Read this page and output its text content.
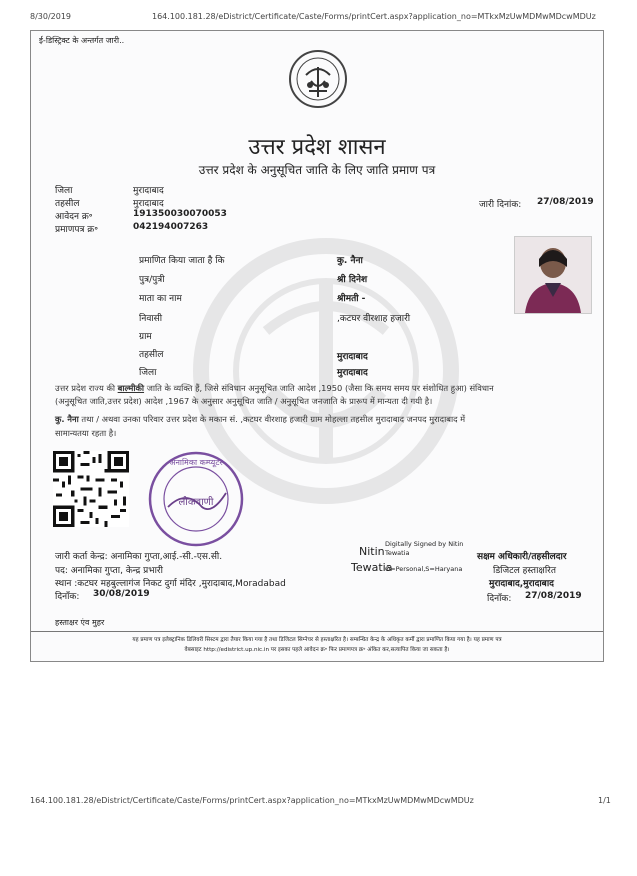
8/30/2019	164.100.181.28/eDistrict/Certificate/Caste/Forms/printCert.aspx?application_no=MTkxMzUwMDMwMDcwMDUz
ई-डिस्ट्रिक्ट के अन्तर्गत जारी..
उत्तर प्रदेश शासन
उत्तर प्रदेश के अनुसूचित जाति के लिए जाति प्रमाण पत्र
जिला	मुरादाबाद
तहसील	मुरादाबाद
आवेदन क्र॰	191350030070053
प्रमाणपत्र क्र॰	042194007263
जारी दिनांक: 27/08/2019
प्रमाणित किया जाता है कि	कु. नैना
पुत्र/पुत्री	श्री दिनेश
माता का नाम	श्रीमती -
निवासी	,कटघर वीरशाह हजारी
ग्राम
तहसील	मुरादाबाद
जिला	मुरादाबाद
उत्तर प्रदेश राज्य की बाल्मीकी जाति के व्यक्ति हैं, जिसे संविधान अनुसूचित जाति आदेश ,1950 (जैसा कि समय समय पर संशोधित हुआ) संविधान
(अनुसूचित जाति,उत्तर प्रदेश) आदेश ,1967 के अनुसार अनुसूचित जाति / अनुसूचित जनजाति के प्रारूप में मान्यता दी गयी है।
कु. नैना तथा / अथवा उनका परिवार उत्तर प्रदेश के मकान सं. ,कटघर वीरशाह हजारी ग्राम मोहल्ला तहसील मुरादाबाद जनपद मुरादाबाद में
सामान्यतया रहता है।
अनामिका कम्प्यूटर
लोकवाणी
जारी कर्ता केन्द्र: अनामिका गुप्ता,आई.-सी.-एस.सी.
पद: अनामिका गुप्ता, केन्द्र प्रभारी
स्थान :कटघर महबुल्लागंज निकट दुर्गा मंदिर ,मुरादाबाद,Moradabad
दिनाँक: 30/08/2019
Nitin
Tewatia
Digitally Signed by Nitin
Tewatia
O=Personal,S=Haryana
सक्षम अधिकारी/तहसीलदार
डिजिटल हस्ताक्षरित
मुरादाबाद,मुरादाबाद
दिनाँक: 27/08/2019
हस्ताक्षर एंव मुहर
यह प्रमाण पत्र इलेक्ट्रानिक डिलिवरी सिस्टम द्वारा तैयार किया गया है तथा डिजिटल सिग्नेचर से हस्ताक्षरित है। सम्बन्धित केन्द्र के अधिकृत कर्मी द्वारा प्रमाणित किया गया है। यह प्रमाण पत्र
वेबसाइट http://edistrict.up.nic.in पर इसका पहले आवेदन क्र॰ फिर प्रमाणपत्र क्र॰ अंकित कर,सत्यापित किया जा सकता है।
164.100.181.28/eDistrict/Certificate/Caste/Forms/printCert.aspx?application_no=MTkxMzUwMDMwMDcwMDUz	1/1
